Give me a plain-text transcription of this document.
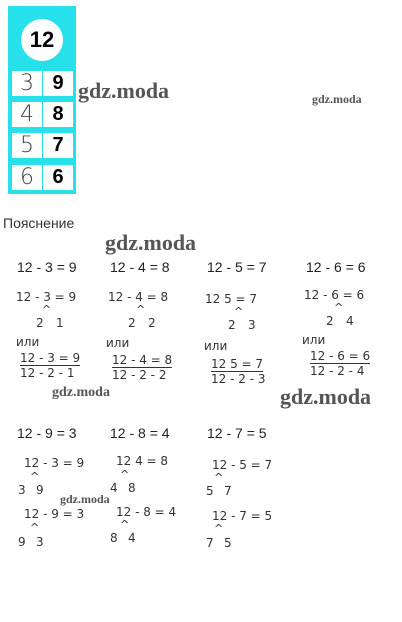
12
3 9
4 8
5 7
6 6
gdz.moda	gdz.moda
gdz.moda
gdz.moda	gdz.moda
gdz.moda
Пояснение
12 - 3 = 9 12 - 4 = 8	12 - 5 = 7	12 - 6 = 6
12 - 3 = 9
^
2 1
или
12 - 3 = 9
12 - 2 - 1
12 - 4 = 8
^
2 2
или
12 - 4 = 8
12 - 2 - 2
12 5 = 7
^
2 3
или
12 5 = 7
12 - 2 - 3
12 - 6 = 6
^
2 4
или
12 - 6 = 6
12 - 2 - 4
12 - 9 = 3 12 - 8 = 4	12 - 7 = 5
12 - 3 = 9
^
3 9
12 - 9 = 3
^
9 3
12 4 = 8
^
4 8
12 - 8 = 4
^
8 4
12 - 5 = 7
^
5 7
12 - 7 = 5
^
7 5
